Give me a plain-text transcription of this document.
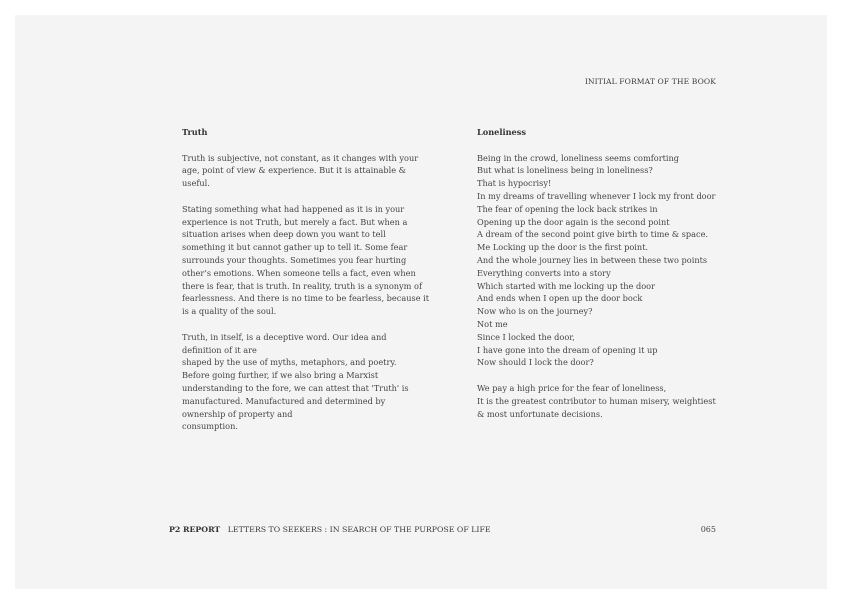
INITIAL FORMAT OF THE BOOK
Truth
Truth is subjective, not constant, as it changes with your
age, point of view & experience. But it is attainable &
useful.
Stating something what had happened as it is in your
experience is not Truth, but merely a fact. But when a
situation arises when deep down you want to tell
something it but cannot gather up to tell it. Some fear
surrounds your thoughts. Sometimes you fear hurting
other’s emotions. When someone tells a fact, even when
there is fear, that is truth. In reality, truth is a synonym of
fearlessness. And there is no time to be fearless, because it
is a quality of the soul.
Truth, in itself, is a deceptive word. Our idea and
definition of it are
shaped by the use of myths, metaphors, and poetry.
Before going further, if we also bring a Marxist
understanding to the fore, we can attest that 'Truth' is
manufactured. Manufactured and determined by
ownership of property and
consumption.
Loneliness
Being in the crowd, loneliness seems comforting
But what is loneliness being in loneliness?
That is hypocrisy!
In my dreams of travelling whenever I lock my front door
The fear of opening the lock back strikes in
Opening up the door again is the second point
A dream of the second point give birth to time & space.
Me Locking up the door is the first point.
And the whole journey lies in between these two points
Everything converts into a story
Which started with me locking up the door
And ends when I open up the door bock
Now who is on the journey?
Not me
Since I locked the door,
I have gone into the dream of opening it up
Now should I lock the door?
We pay a high price for the fear of loneliness,
It is the greatest contributor to human misery, weightiest
& most unfortunate decisions.
P2 REPORT LETTERS TO SEEKERS : IN SEARCH OF THE PURPOSE OF LIFE	065
